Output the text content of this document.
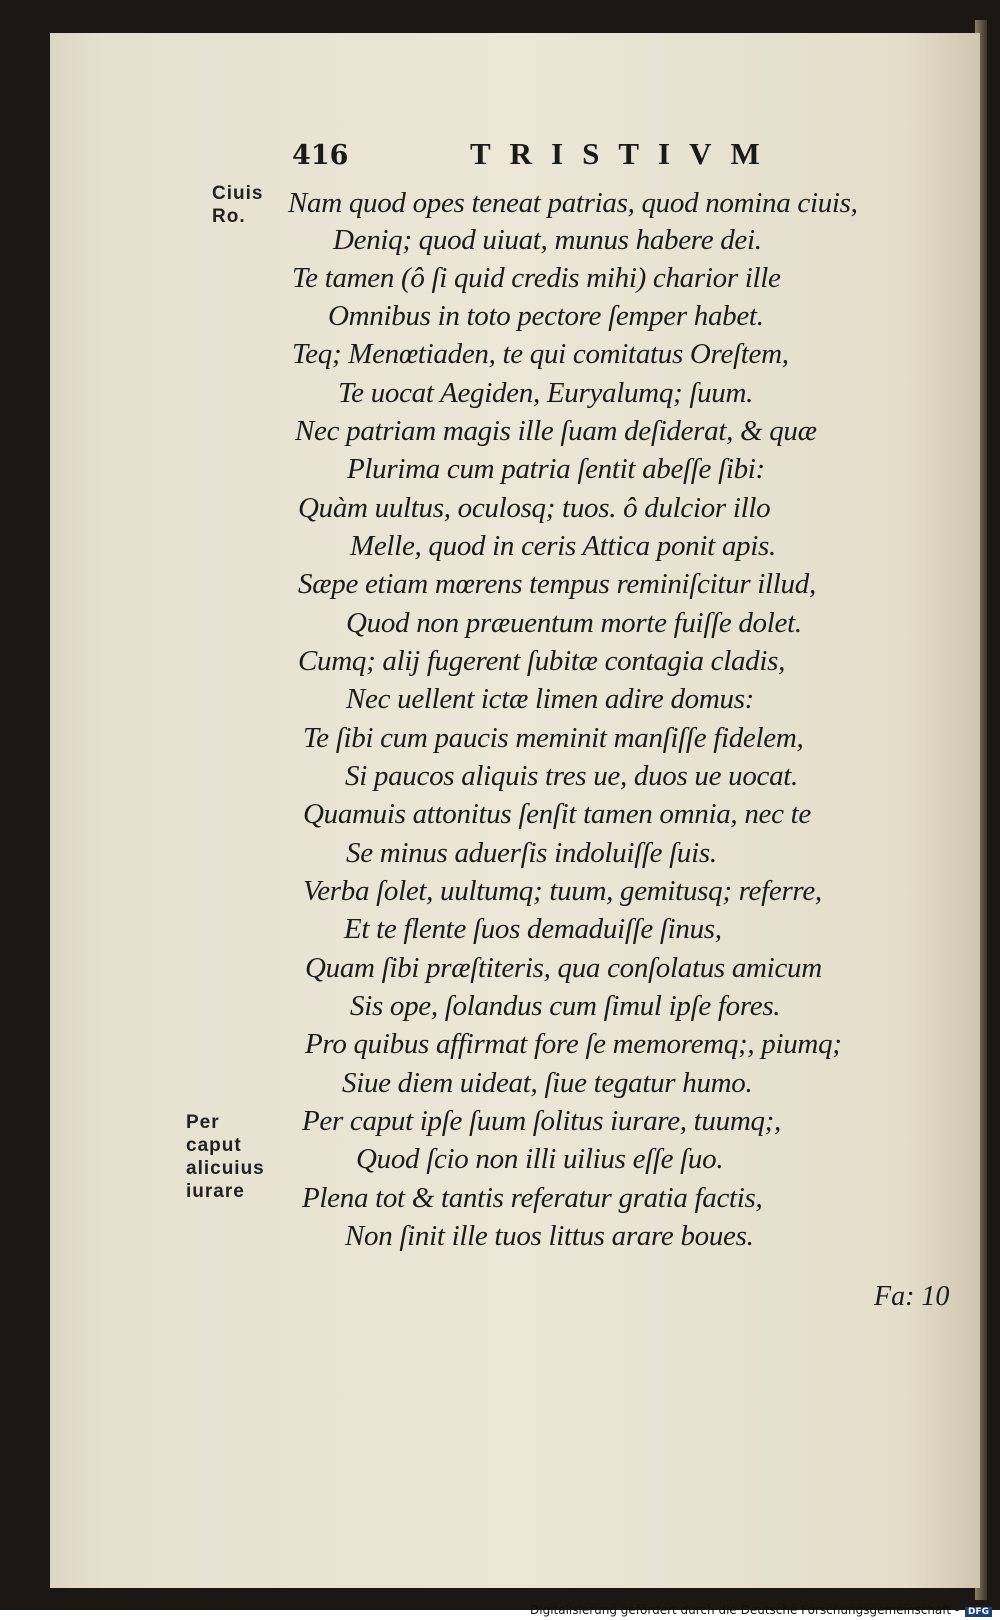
416	TRISTIVM
Ciuis Ro.
Per caput alicuius iurare
Nam quod opes teneat patrias, quod nomina ciuis,
Deniq; quod uiuat, munus habere dei.
Te tamen (ô ſi quid credis mihi) charior ille
Omnibus in toto pectore ſemper habet.
Teq; Menœtiaden, te qui comitatus Oreſtem,
Te uocat Aegiden, Euryalumq; ſuum.
Nec patriam magis ille ſuam deſiderat, & quæ
Plurima cum patria ſentit abeſſe ſibi:
Quàm uultus, oculosq; tuos. ô dulcior illo
Melle, quod in ceris Attica ponit apis.
Sæpe etiam mœrens tempus reminiſcitur illud,
Quod non præuentum morte fuiſſe dolet.
Cumq; alij fugerent ſubitæ contagia cladis,
Nec uellent ictæ limen adire domus:
Te ſibi cum paucis meminit manſiſſe fidelem,
Si paucos aliquis tres ue, duos ue uocat.
Quamuis attonitus ſenſit tamen omnia, nec te
Se minus aduerſis indoluiſſe ſuis.
Verba ſolet, uultumq; tuum, gemitusq; referre,
Et te flente ſuos demaduiſſe ſinus,
Quam ſibi præſtiteris, qua conſolatus amicum
Sis ope, ſolandus cum ſimul ipſe fores.
Pro quibus affirmat fore ſe memoremq;, piumq;
Siue diem uideat, ſiue tegatur humo.
Per caput ipſe ſuum ſolitus iurare, tuumq;,
Quod ſcio non illi uilius eſſe ſuo.
Plena tot & tantis referatur gratia factis,
Non ſinit ille tuos littus arare boues.
Fa: 10
Digitalisierung gefördert durch die Deutsche Forschungsgemeinschaft - DFG
